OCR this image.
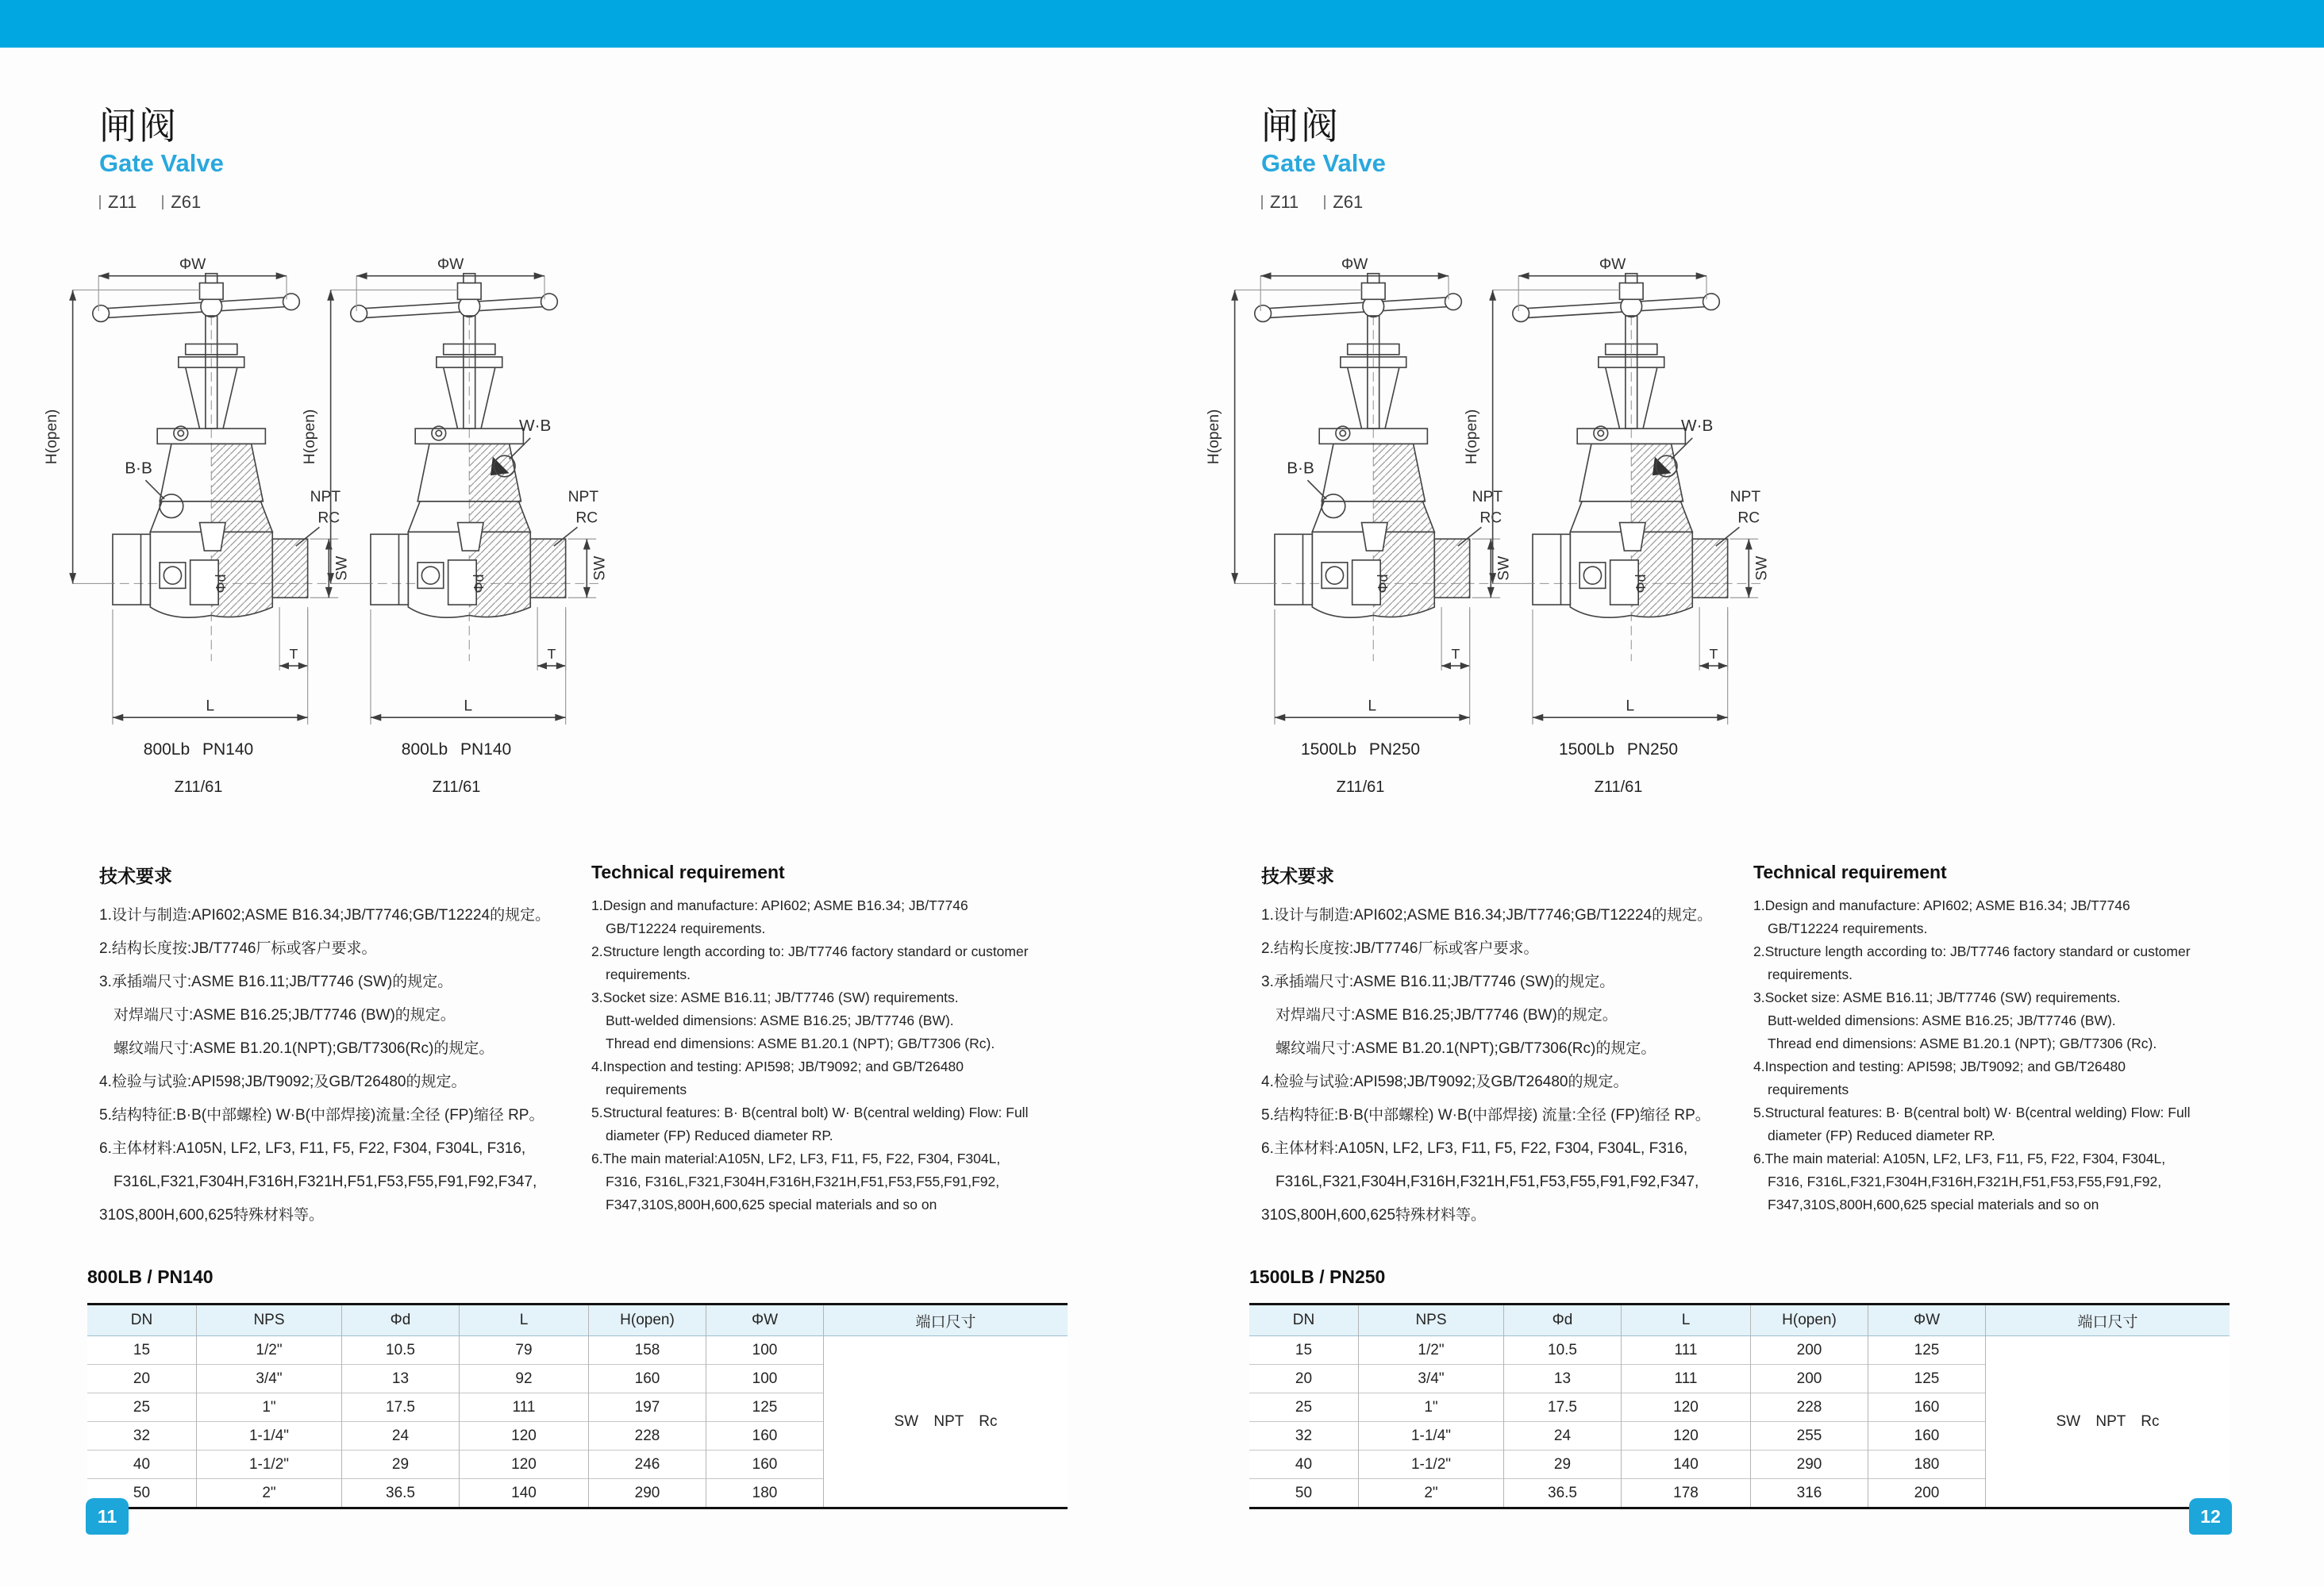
闸阀
Gate Valve
Z11 Z61
ΦW
H(open)
B·B
NPT
RC
SW
Φd
T
L
800Lb PN140
Z11/61
ΦW
H(open)	W·B
NPT
RC
SW
Φd
T
L
800Lb PN140
Z11/61
技术要求
1.设计与制造:API602;ASME B16.34;JB/T7746;GB/T12224的规定。
2.结构长度按:JB/T7746厂标或客户要求。
3.承插端尺寸:ASME B16.11;JB/T7746 (SW)的规定。
对焊端尺寸:ASME B16.25;JB/T7746 (BW)的规定。
螺纹端尺寸:ASME B1.20.1(NPT);GB/T7306(Rc)的规定。
4.检验与试验:API598;JB/T9092;及GB/T26480的规定。
5.结构特征:B·B(中部螺栓) W·B(中部焊接)流量:全径 (FP)缩径 RP。
6.主体材料:A105N, LF2, LF3, F11, F5, F22, F304, F304L, F316,
F316L,F321,F304H,F316H,F321H,F51,F53,F55,F91,F92,F347,
310S,800H,600,625特殊材料等。
Technical requirement
1.Design and manufacture: API602; ASME B16.34; JB/T7746
GB/T12224 requirements.
2.Structure length according to: JB/T7746 factory standard or customer
requirements.
3.Socket size: ASME B16.11; JB/T7746 (SW) requirements.
Butt-welded dimensions: ASME B16.25; JB/T7746 (BW).
Thread end dimensions: ASME B1.20.1 (NPT); GB/T7306 (Rc).
4.Inspection and testing: API598; JB/T9092; and GB/T26480
requirements
5.Structural features: B· B(central bolt) W· B(central welding) Flow: Full
diameter (FP) Reduced diameter RP.
6.The main material:A105N, LF2, LF3, F11, F5, F22, F304, F304L,
F316, F316L,F321,F304H,F316H,F321H,F51,F53,F55,F91,F92,
F347,310S,800H,600,625 special materials and so on
800LB / PN140
DN	NPS	Φd	L	H(open)	ΦW	端口尺寸
15	1/2"	10.5	79	158	100	SW NPT Rc
20	3/4"	13	92	160	100	
25	1"	17.5	111	197	125	
32	1-1/4"	24	120	228	160	
40	1-1/2"	29	120	246	160	
50	2"	36.5	140	290	180	
11
闸阀
Gate Valve
Z11 Z61
ΦW
H(open)
B·B
NPT
RC
SW
Φd
T
L
1500Lb PN250
Z11/61
ΦW
H(open)	W·B
NPT
RC
SW
Φd
T
L
1500Lb PN250
Z11/61
技术要求
1.设计与制造:API602;ASME B16.34;JB/T7746;GB/T12224的规定。
2.结构长度按:JB/T7746厂标或客户要求。
3.承插端尺寸:ASME B16.11;JB/T7746 (SW)的规定。
对焊端尺寸:ASME B16.25;JB/T7746 (BW)的规定。
螺纹端尺寸:ASME B1.20.1(NPT);GB/T7306(Rc)的规定。
4.检验与试验:API598;JB/T9092;及GB/T26480的规定。
5.结构特征:B·B(中部螺栓) W·B(中部焊接) 流量:全径 (FP)缩径 RP。
6.主体材料:A105N, LF2, LF3, F11, F5, F22, F304, F304L, F316,
F316L,F321,F304H,F316H,F321H,F51,F53,F55,F91,F92,F347,
310S,800H,600,625特殊材料等。
Technical requirement
1.Design and manufacture: API602; ASME B16.34; JB/T7746
GB/T12224 requirements.
2.Structure length according to: JB/T7746 factory standard or customer
requirements.
3.Socket size: ASME B16.11; JB/T7746 (SW) requirements.
Butt-welded dimensions: ASME B16.25; JB/T7746 (BW).
Thread end dimensions: ASME B1.20.1 (NPT); GB/T7306 (Rc).
4.Inspection and testing: API598; JB/T9092; and GB/T26480
requirements
5.Structural features: B· B(central bolt) W· B(central welding) Flow: Full
diameter (FP) Reduced diameter RP.
6.The main material: A105N, LF2, LF3, F11, F5, F22, F304, F304L,
F316, F316L,F321,F304H,F316H,F321H,F51,F53,F55,F91,F92,
F347,310S,800H,600,625 special materials and so on
1500LB / PN250
DN	NPS	Φd	L	H(open)	ΦW	端口尺寸
15	1/2"	10.5	111	200	125	SW NPT Rc
20	3/4"	13	111	200	125	
25	1"	17.5	120	228	160	
32	1-1/4"	24	120	255	160	
40	1-1/2"	29	140	290	180	
50	2"	36.5	178	316	200	
12
